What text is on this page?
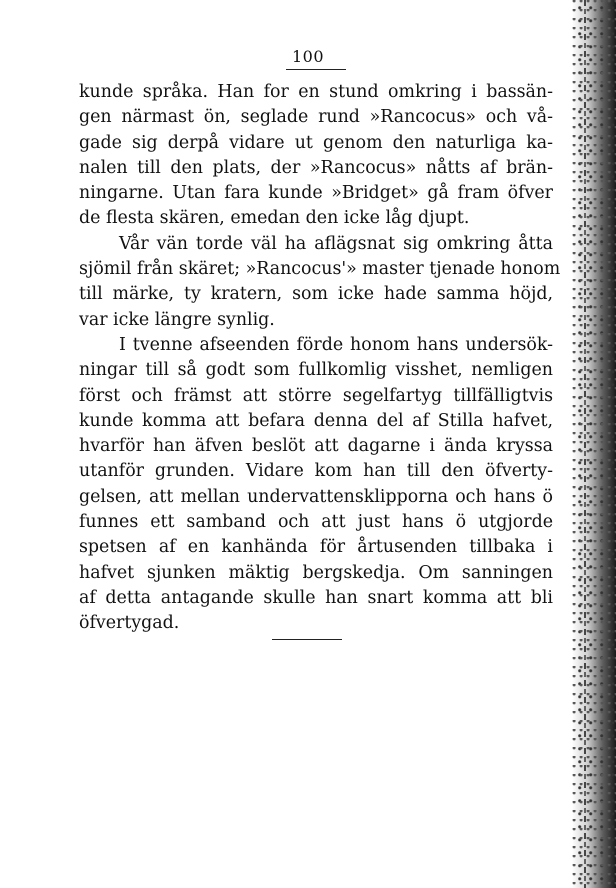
100

kunde språka. Han for en stund omkring i bassän-
gen närmast ön, seglade rund »Rancocus» och vå-
gade sig derpå vidare ut genom den naturliga ka-
nalen till den plats, der »Rancocus» nåtts af brän-
ningarne. Utan fara kunde »Bridget» gå fram öfver
de flesta skären, emedan den icke låg djupt.

Vår vän torde väl ha aflägsnat sig omkring åtta
sjömil från skäret; »Rancocus'» master tjenade honom
till märke, ty kratern, som icke hade samma höjd,
var icke längre synlig.

I tvenne afseenden förde honom hans undersök-
ningar till så godt som fullkomlig visshet, nemligen
först och främst att större segelfartyg tillfälligtvis
kunde komma att befara denna del af Stilla hafvet,
hvarför han äfven beslöt att dagarne i ända kryssa
utanför grunden. Vidare kom han till den öfverty-
gelsen, att mellan undervattensklipporna och hans ö
funnes ett samband och att just hans ö utgjorde
spetsen af en kanhända för årtusenden tillbaka i
hafvet sjunken mäktig bergskedja. Om sanningen
af detta antagande skulle han snart komma att bli
öfvertygad.
